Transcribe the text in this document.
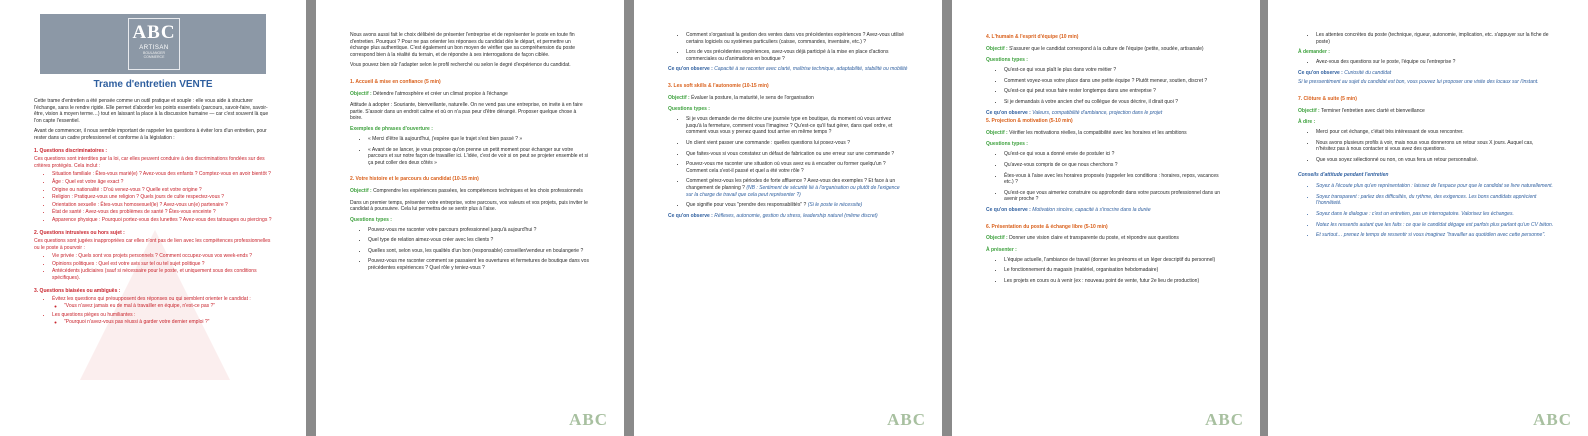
ABC
ARTISAN
BOULANGER
COMMERCE
Trame d'entretien VENTE

Cette trame d'entretien a été pensée comme un outil pratique et souple : elle vous aide à structurer l'échange, sans le rendre rigide. Elle permet d'aborder les points essentiels (parcours, savoir-faire, savoir-être, vision à moyen terme…) tout en laissant la place à la discussion humaine — car c'est souvent là que l'on capte l'essentiel.

Avant de commencer, il nous semble important de rappeler les questions à éviter lors d'un entretien, pour rester dans un cadre professionnel et conforme à la législation :

1. Questions discriminatoires :

Ces questions sont interdites par la loi, car elles peuvent conduire à des discriminations fondées sur des critères protégés. Cela inclut :

• Situation familiale : Êtes-vous marié(e) ? Avez-vous des enfants ? Comptez-vous en avoir bientôt ?
• Âge : Quel est votre âge exact ?
• Origine ou nationalité : D'où venez-vous ? Quelle est votre origine ?
• Religion : Pratiquez-vous une religion ? Quels jours de culte respectez-vous ?
• Orientation sexuelle : Êtes-vous homosexuel(le) ? Avez-vous un(e) partenaire ?
• État de santé : Avez-vous des problèmes de santé ? Êtes-vous enceinte ?
• Apparence physique : Pourquoi portez-vous des lunettes ? Avez-vous des tatouages ou piercings ?
2. Questions intrusives ou hors sujet :

Ces questions sont jugées inappropriées car elles n'ont pas de lien avec les compétences professionnelles ou le poste à pourvoir :

• Vie privée : Quels sont vos projets personnels ? Comment occupez-vous vos week-ends ?
• Opinions politiques : Quel est votre avis sur tel ou tel sujet politique ?
• Antécédents judiciaires (sauf si nécessaire pour le poste, et uniquement sous des conditions spécifiques).
3. Questions biaisées ou ambiguës :
• Évitez les questions qui présupposent des réponses ou qui semblent orienter le candidat :
◦ "Vous n'avez jamais eu de mal à travailler en équipe, n'est-ce pas ?"
• Les questions pièges ou humiliantes :
◦ "Pourquoi n'avez-vous pas réussi à garder votre dernier emploi ?"

Nous avons aussi fait le choix délibéré de présenter l'entreprise et de représenter le poste en toute fin d'entretien. Pourquoi ? Pour ne pas orienter les réponses du candidat dès le départ, et permettre un échange plus authentique. C'est également un bon moyen de vérifier que sa compréhension du poste correspond bien à la réalité du terrain, et de répondre à ses interrogations de façon ciblée.

Vous pouvez bien sûr l'adapter selon le profil recherché ou selon le degré d'expérience du candidat.

1. Accueil & mise en confiance (5 min)

Objectif : Détendre l'atmosphère et créer un climat propice à l'échange

Attitude à adopter : Souriante, bienveillante, naturelle. On ne vend pas une entreprise, on invite à en faire partie. S'assoir dans un endroit calme et où on n'a pas peur d'être dérangé. Proposer quelque chose à boire.

Exemples de phrases d'ouverture :
• « Merci d'être là aujourd'hui, j'espère que le trajet s'est bien passé ? »
• « Avant de se lancer, je vous propose qu'on prenne un petit moment pour échanger sur votre parcours et sur notre façon de travailler ici. L'idée, c'est de voir si on peut se projeter ensemble et si ça peut coller des deux côtés »
2. Votre histoire et le parcours du candidat (10-15 min)

Objectif : Comprendre les expériences passées, les compétences techniques et les choix professionnels

Dans un premier temps, présenter votre entreprise, votre parcours, vos valeurs et vos projets, puis inviter le candidat à poursuivre. Cela lui permettra de se sentir plus à l'aise.

Questions types :
• Pouvez-vous me raconter votre parcours professionnel jusqu'à aujourd'hui ?
• Quel type de relation aimez-vous créer avec les clients ?
• Quelles sont, selon vous, les qualités d'un bon (responsable) conseiller/vendeur en boulangerie ?
• Pouvez-vous me raconter comment se passaient les ouvertures et fermetures de boutique dans vos précédentes expériences ? Quel rôle y teniez-vous ?
ABC
• Comment s'organisait la gestion des ventes dans vos précédentes expériences ? Avez-vous utilisé certains logiciels ou systèmes particuliers (caisse, commandes, inventaire, etc.) ?
• Lors de vos précédentes expériences, avez-vous déjà participé à la mise en place d'actions commerciales ou d'animations en boutique ?

Ce qu'on observe : Capacité à se raconter avec clarté, maîtrise technique, adaptabilité, stabilité ou mobilité

3. Les soft skills & l'autonomie (10-15 min)

Objectif : Évaluer la posture, la maturité, le sens de l'organisation

Questions types :
• Si je vous demande de me décrire une journée type en boutique, du moment où vous arrivez jusqu'à la fermeture, comment vous l'imaginez ? Qu'est-ce qu'il faut gérer, dans quel ordre, et comment vous vous y prenez quand tout arrive en même temps ?
• Un client vient passer une commande : quelles questions lui posez-vous ?
• Que faites-vous si vous constatez un défaut de fabrication ou une erreur sur une commande ?
• Pouvez-vous me raconter une situation où vous avez eu à encadrer ou former quelqu'un ? Comment cela s'est-il passé et quel a été votre rôle ?
• Comment gérez-vous les périodes de forte affluence ? Avez-vous des exemples ? Et face à un changement de planning ? (NB : Sentiment de sécurité lié à l'organisation ou plutôt de l'exigence sur la charge de travail que cela peut représenter ?)
• Que signifie pour vous "prendre des responsabilités" ? (Si le poste le nécessite)

Ce qu'on observe : Réflexes, autonomie, gestion du stress, leadership naturel (même discret)

ABC
4. L'humain & l'esprit d'équipe (10 min)

Objectif : S'assurer que le candidat correspond à la culture de l'équipe (petite, soudée, artisanale)

Questions types :
• Qu'est-ce qui vous plaît le plus dans votre métier ?
• Comment voyez-vous votre place dans une petite équipe ? Plutôt meneur, soutien, discret ?
• Qu'est-ce qui peut vous faire rester longtemps dans une entreprise ?
• Si je demandais à votre ancien chef ou collègue de vous décrire, il dirait quoi ?

Ce qu'on observe : Valeurs, compatibilité d'ambiance, projection dans le projet

5. Projection & motivation (5-10 min)

Objectif : Vérifier les motivations réelles, la compatibilité avec les horaires et les ambitions

Questions types :
• Qu'est-ce qui vous a donné envie de postuler ici ?
• Qu'avez-vous compris de ce que nous cherchons ?
• Êtes-vous à l'aise avec les horaires proposés (rappeler les conditions : horaires, repos, vacances etc.) ?
• Qu'est-ce que vous aimeriez construire ou approfondir dans votre parcours professionnel dans un avenir proche ?

Ce qu'on observe : Motivation sincère, capacité à s'inscrire dans la durée

6. Présentation du poste & échange libre (5-10 min)

Objectif : Donner une vision claire et transparente du poste, et répondre aux questions

À présenter :
• L'équipe actuelle, l'ambiance de travail (donner les prénoms et un léger descriptif du personnel)
• Le fonctionnement du magasin (matériel, organisation hebdomadaire)
• Les projets en cours ou à venir (ex : nouveau point de vente, futur 2e lieu de production)
ABC
• Les attentes concrètes du poste (technique, rigueur, autonomie, implication, etc. s'appuyer sur la fiche de poste)
À demander :
• Avez-vous des questions sur le poste, l'équipe ou l'entreprise ?

Ce qu'on observe : Curiosité du candidat

Si le pressentiment au sujet du candidat est bon, vous pouvez lui proposer une visite des locaux sur l'instant.

7. Clôture & suite (5 min)

Objectif : Terminer l'entretien avec clarté et bienveillance

À dire :
• Merci pour cet échange, c'était très intéressant de vous rencontrer.
• Nous avons plusieurs profils à voir, mais nous vous donnerons un retour sous X jours. Auquel cas, n'hésitez pas à nous contacter si vous avez des questions.
• Que vous soyez sélectionné ou non, on vous fera un retour personnalisé.

Conseils d'attitude pendant l'entretien

• Soyez à l'écoute plus qu'en représentation : laissez de l'espace pour que le candidat se livre naturellement.
• Soyez transparent : parlez des difficultés, du rythme, des exigences. Les bons candidats apprécient l'honnêteté.
• Soyez dans le dialogue : c'est un entretien, pas un interrogatoire. Valorisez les échanges.
• Notez les ressentis autant que les faits : ce que le candidat dégage est parfois plus parlant qu'un CV béton.
• Et surtout… prenez le temps de ressentir si vous imaginez "travailler au quotidien avec cette personne".
ABC
